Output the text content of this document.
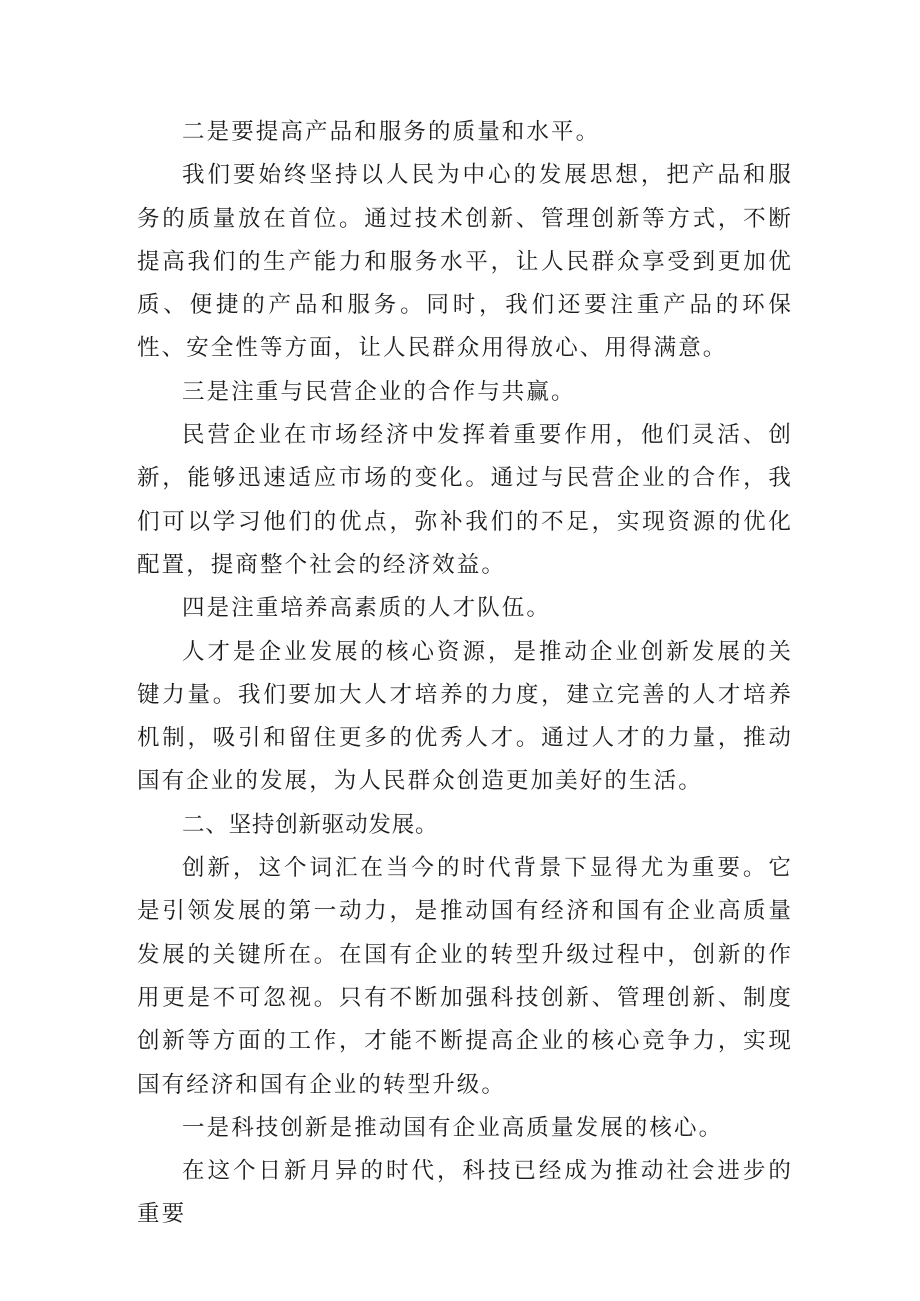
二是要提高产品和服务的质量和水平。

我们要始终坚持以人民为中心的发展思想，把产品和服务的质量放在首位。通过技术创新、管理创新等方式，不断提高我们的生产能力和服务水平，让人民群众享受到更加优质、便捷的产品和服务。同时，我们还要注重产品的环保性、安全性等方面，让人民群众用得放心、用得满意。

三是注重与民营企业的合作与共赢。

民营企业在市场经济中发挥着重要作用，他们灵活、创新，能够迅速适应市场的变化。通过与民营企业的合作，我们可以学习他们的优点，弥补我们的不足，实现资源的优化配置，提商整个社会的经济效益。

四是注重培养高素质的人才队伍。

人才是企业发展的核心资源，是推动企业创新发展的关键力量。我们要加大人才培养的力度，建立完善的人才培养机制，吸引和留住更多的优秀人才。通过人才的力量，推动国有企业的发展，为人民群众创造更加美好的生活。

二、坚持创新驱动发展。

创新，这个词汇在当今的时代背景下显得尤为重要。它是引领发展的第一动力，是推动国有经济和国有企业高质量发展的关键所在。在国有企业的转型升级过程中，创新的作用更是不可忽视。只有不断加强科技创新、管理创新、制度创新等方面的工作，才能不断提高企业的核心竞争力，实现国有经济和国有企业的转型升级。

一是科技创新是推动国有企业高质量发展的核心。

在这个日新月异的时代，科技已经成为推动社会进步的重要
